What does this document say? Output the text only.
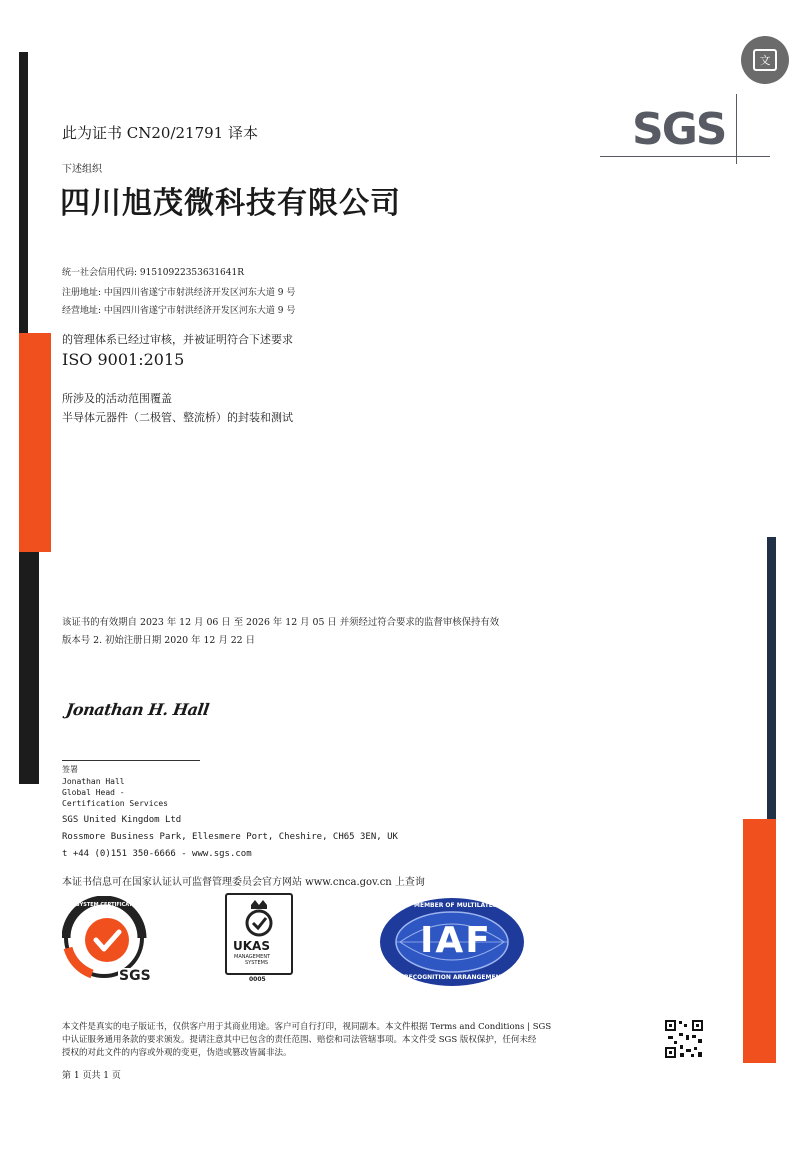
文
SGS
此为证书 CN20/21791 译本
下述组织
四川旭茂微科技有限公司
统一社会信用代码: 91510922353631641R
注册地址: 中国四川省遂宁市射洪经济开发区河东大道 9 号
经营地址: 中国四川省遂宁市射洪经济开发区河东大道 9 号
的管理体系已经过审核，并被证明符合下述要求
ISO 9001:2015
所涉及的活动范围覆盖
半导体元器件（二极管、整流桥）的封装和测试
该证书的有效期自 2023 年 12 月 06 日 至 2026 年 12 月 05 日 并须经过符合要求的监督审核保持有效
版本号 2. 初始注册日期 2020 年 12 月 22 日
Jonathan H. Hall
签署
Jonathan Hall
Global Head -
Certification Services
SGS United Kingdom Ltd
Rossmore Business Park, Ellesmere Port, Cheshire, CH65 3EN, UK
t +44 (0)151 350-6666 - www.sgs.com
本证书信息可在国家认证认可监督管理委员会官方网站 www.cnca.gov.cn 上查询
SYSTEM CERTIFICATION
ISO 9001	SGS
UKAS
MANAGEMENT
SYSTEMS
0005
IAF
MEMBER OF MULTILATERAL
RECOGNITION ARRANGEMENT
本文件是真实的电子版证书，仅供客户用于其商业用途。客户可自行打印，视同副本。本文件根据 Terms and Conditions | SGS
中认证服务通用条款的要求颁发。提请注意其中已包含的责任范围、赔偿和司法管辖事项。本文件受 SGS 版权保护，任何未经
授权的对此文件的内容或外观的变更，伪造或篡改皆属非法。
第 1 页共 1 页
